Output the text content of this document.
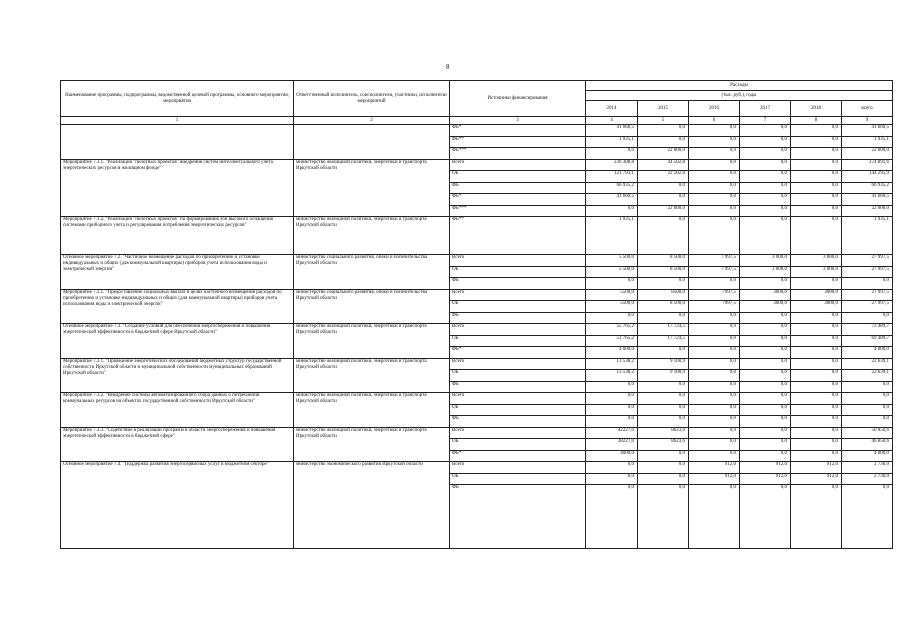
8
Наименование программы, подпрограммы, ведомственной целевой программы, основного мероприятия, мероприятия	Ответственный исполнитель, соисполнители, участники, исполнители мероприятий	Источники финансирования	Расходы					
			(тыс. руб.), годы					
			2014	2015	2016	2017	2018	всего
1	2	3	4	5	6	7	8	9
		ФБ*	41 660,5	0,0	0,0	0,0	0,0	41 660,5
		ФБ**	1 935,1	0,0	0,0	0,0	0,0	1 935,1
		ФБ***	0,0	22 000,0	0,0	0,0	0,0	22 000,0
Мероприятие 7.1.1. "Реализация "пилотных проектов" внедрения систем интеллектуального учета энергетических ресурсов в жилищном фонде"	министерство жилищной политики, энергетики и транспорта Иркутской области	Всего	230 388,8	44 502,8	0,0	0,0	0,0	274 891,6
		ОБ	121 793,1	22 502,8	0,0	0,0	0,0	144 295,9
		ФБ	66 935,2	0,0	0,0	0,0	0,0	66 935,2
		ФБ*	41 660,5	0,0	0,0	0,0	0,0	41 660,5
		ФБ***	0,0	22 000,0	0,0	0,0	0,0	22 000,0
Мероприятие 7.1.2. "Реализация "пилотных проектов" по формированию зон высокого оснащения системами приборного учета и регулирования потребления энергетических ресурсов"	министерство жилищной политики, энергетики и транспорта Иркутской области	ФБ**	1 935,1	0,0	0,0	0,0	0,0	1 935,1
Основное мероприятие 7.2. "Частичное возмещение расходов по приобретению и установке индивидуальных и общих (для коммунальной квартиры) приборов учета использования воды и электрической энергии"	министерство социального развития, опеки и попечительства Иркутской области	Всего	5 500,0	8 500,0	7 997,5	3 000,0	3 000,0	27 997,5
		ОБ	5 500,0	8 500,0	7 997,5	3 000,0	3 000,0	27 997,5
		ФБ	0,0	0,0	0,0	0,0	0,0	0,0
Мероприятие 7.2.1. "Предоставление социальных выплат в целях частичного возмещения расходов по приобретению и установке индивидуальных и общих (для коммунальной квартиры) приборов учета использования воды и электрической энергии"	министерство социального развития, опеки и попечительства Иркутской области	Всего	5500,0	8500,0	7997,5	3000,0	3000,0	27 997,5
		ОБ	5500,0	8 500,0	7997,5	3000,0	3000,0	27 997,5
		ФБ	0,0	0,0	0,0	0,0	0,0	0,0
Основное мероприятие 7.3. "Создание условий для обеспечения энергосбережения и повышения энергетической эффективности в бюджетной сфере Иркутской области"	министерство жилищной политики, энергетики и транспорта Иркутской области	Всего	55 765,2	17 724,5	0,0	0,0	0,0	73 489,7
		ОБ	51 765,2	17 724,5	0,0	0,0	0,0	69 489,7
		ФБ*	4 000,0	0,0	0,0	0,0	0,0	4 000,0
Мероприятие 7.3.1. "Проведение энергетических обследований бюджетных структур государственной собственности Иркутской области и муниципальной собственности муниципальных образований Иркутской области"	министерство жилищной политики, энергетики и транспорта Иркутской области	Всего	13 538,2	9 100,9	0,0	0,0	0,0	22 639,1
		ОБ	13 538,2	9 100,9	0,0	0,0	0,0	22 639,1
		ФБ	0,0	0,0	0,0	0,0	0,0	0,0
Мероприятие 7.3.2. "Внедрение системы автоматизированного сбора данных о потреблении коммунальных ресурсов на объектах государственной собственности Иркутской области"	министерство жилищной политики, энергетики и транспорта Иркутской области	Всего	0,0	0,0	0,0	0,0	0,0	0,0
		ОБ	0,0	0,0	0,0	0,0	0,0	0,0
		ФБ	0,0	0,0	0,0	0,0	0,0	0,0
Мероприятие 7.3.3. "Содействие в реализации программ в области энергосбережения и повышения энергетической эффективности в бюджетной сфере"	министерство жилищной политики, энергетики и транспорта Иркутской области	Всего	42227,0	8623,6	0,0	0,0	0,0	50 850,6
		ОБ	38227,0	8623,6	0,0	0,0	0,0	46 850,6
		ФБ*	4000,0	0,0	0,0	0,0	0,0	4 000,0
Основное мероприятие 7.4. "Поддержка развития энергосервисных услуг в бюджетном секторе"	министерство экономического развития Иркутской области	Всего	0,0	0,0	912,0	912,0	912,0	2 736,0
		ОБ	0,0	0,0	912,0	912,0	912,0	2 736,0
		ФБ	0,0	0,0	0,0	0,0	0,0	0,0
